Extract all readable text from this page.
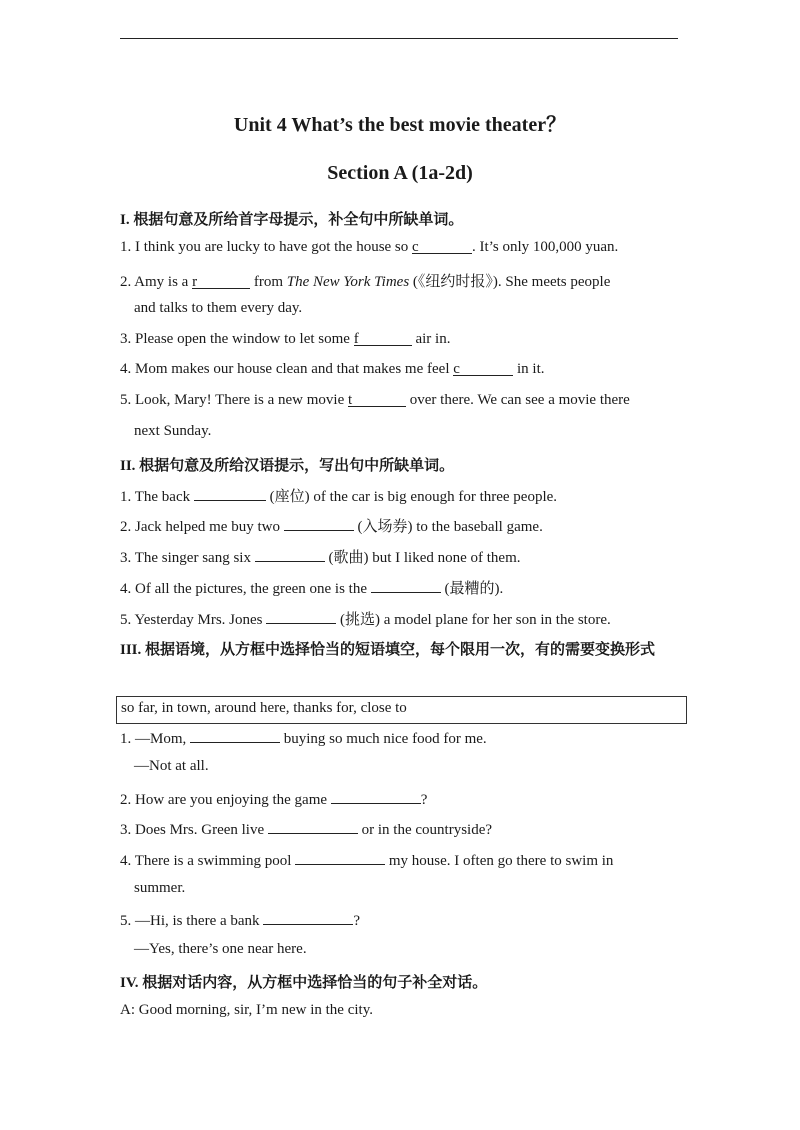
Unit 4 What’s the best movie theater？
Section A (1a-2d)
I. 根据句意及所给首字母提示，补全句中所缺单词。
1. I think you are lucky to have got the house so c	. It’s only 100,000 yuan.
2. Amy is a r	from The New York Times (《纽约时报》). She meets people
and talks to them every day.
3. Please open the window to let some f	air in.
4. Mom makes our house clean and that makes me feel c	in it.
5. Look, Mary! There is a new movie t	over there. We can see a movie there
next Sunday.
II. 根据句意及所给汉语提示，写出句中所缺单词。
1. The back	(座位) of the car is big enough for three people.
2. Jack helped me buy two	(入场券) to the baseball game.
3. The singer sang six	(歌曲) but I liked none of them.
4. Of all the pictures, the green one is the	(最糟的).
5. Yesterday Mrs. Jones	(挑选) a model plane for her son in the store.
III. 根据语境，从方框中选择恰当的短语填空，每个限用一次，有的需要变换形式
so far, in town, around here, thanks for, close to
1. —Mom,	buying so much nice food for me.
—Not at all.
2. How are you enjoying the game	?
3. Does Mrs. Green live	or in the countryside?
4. There is a swimming pool	my house. I often go there to swim in
summer.
5. —Hi, is there a bank	?
—Yes, there’s one near here.
IV. 根据对话内容，从方框中选择恰当的句子补全对话。
A: Good morning, sir, I’m new in the city.
